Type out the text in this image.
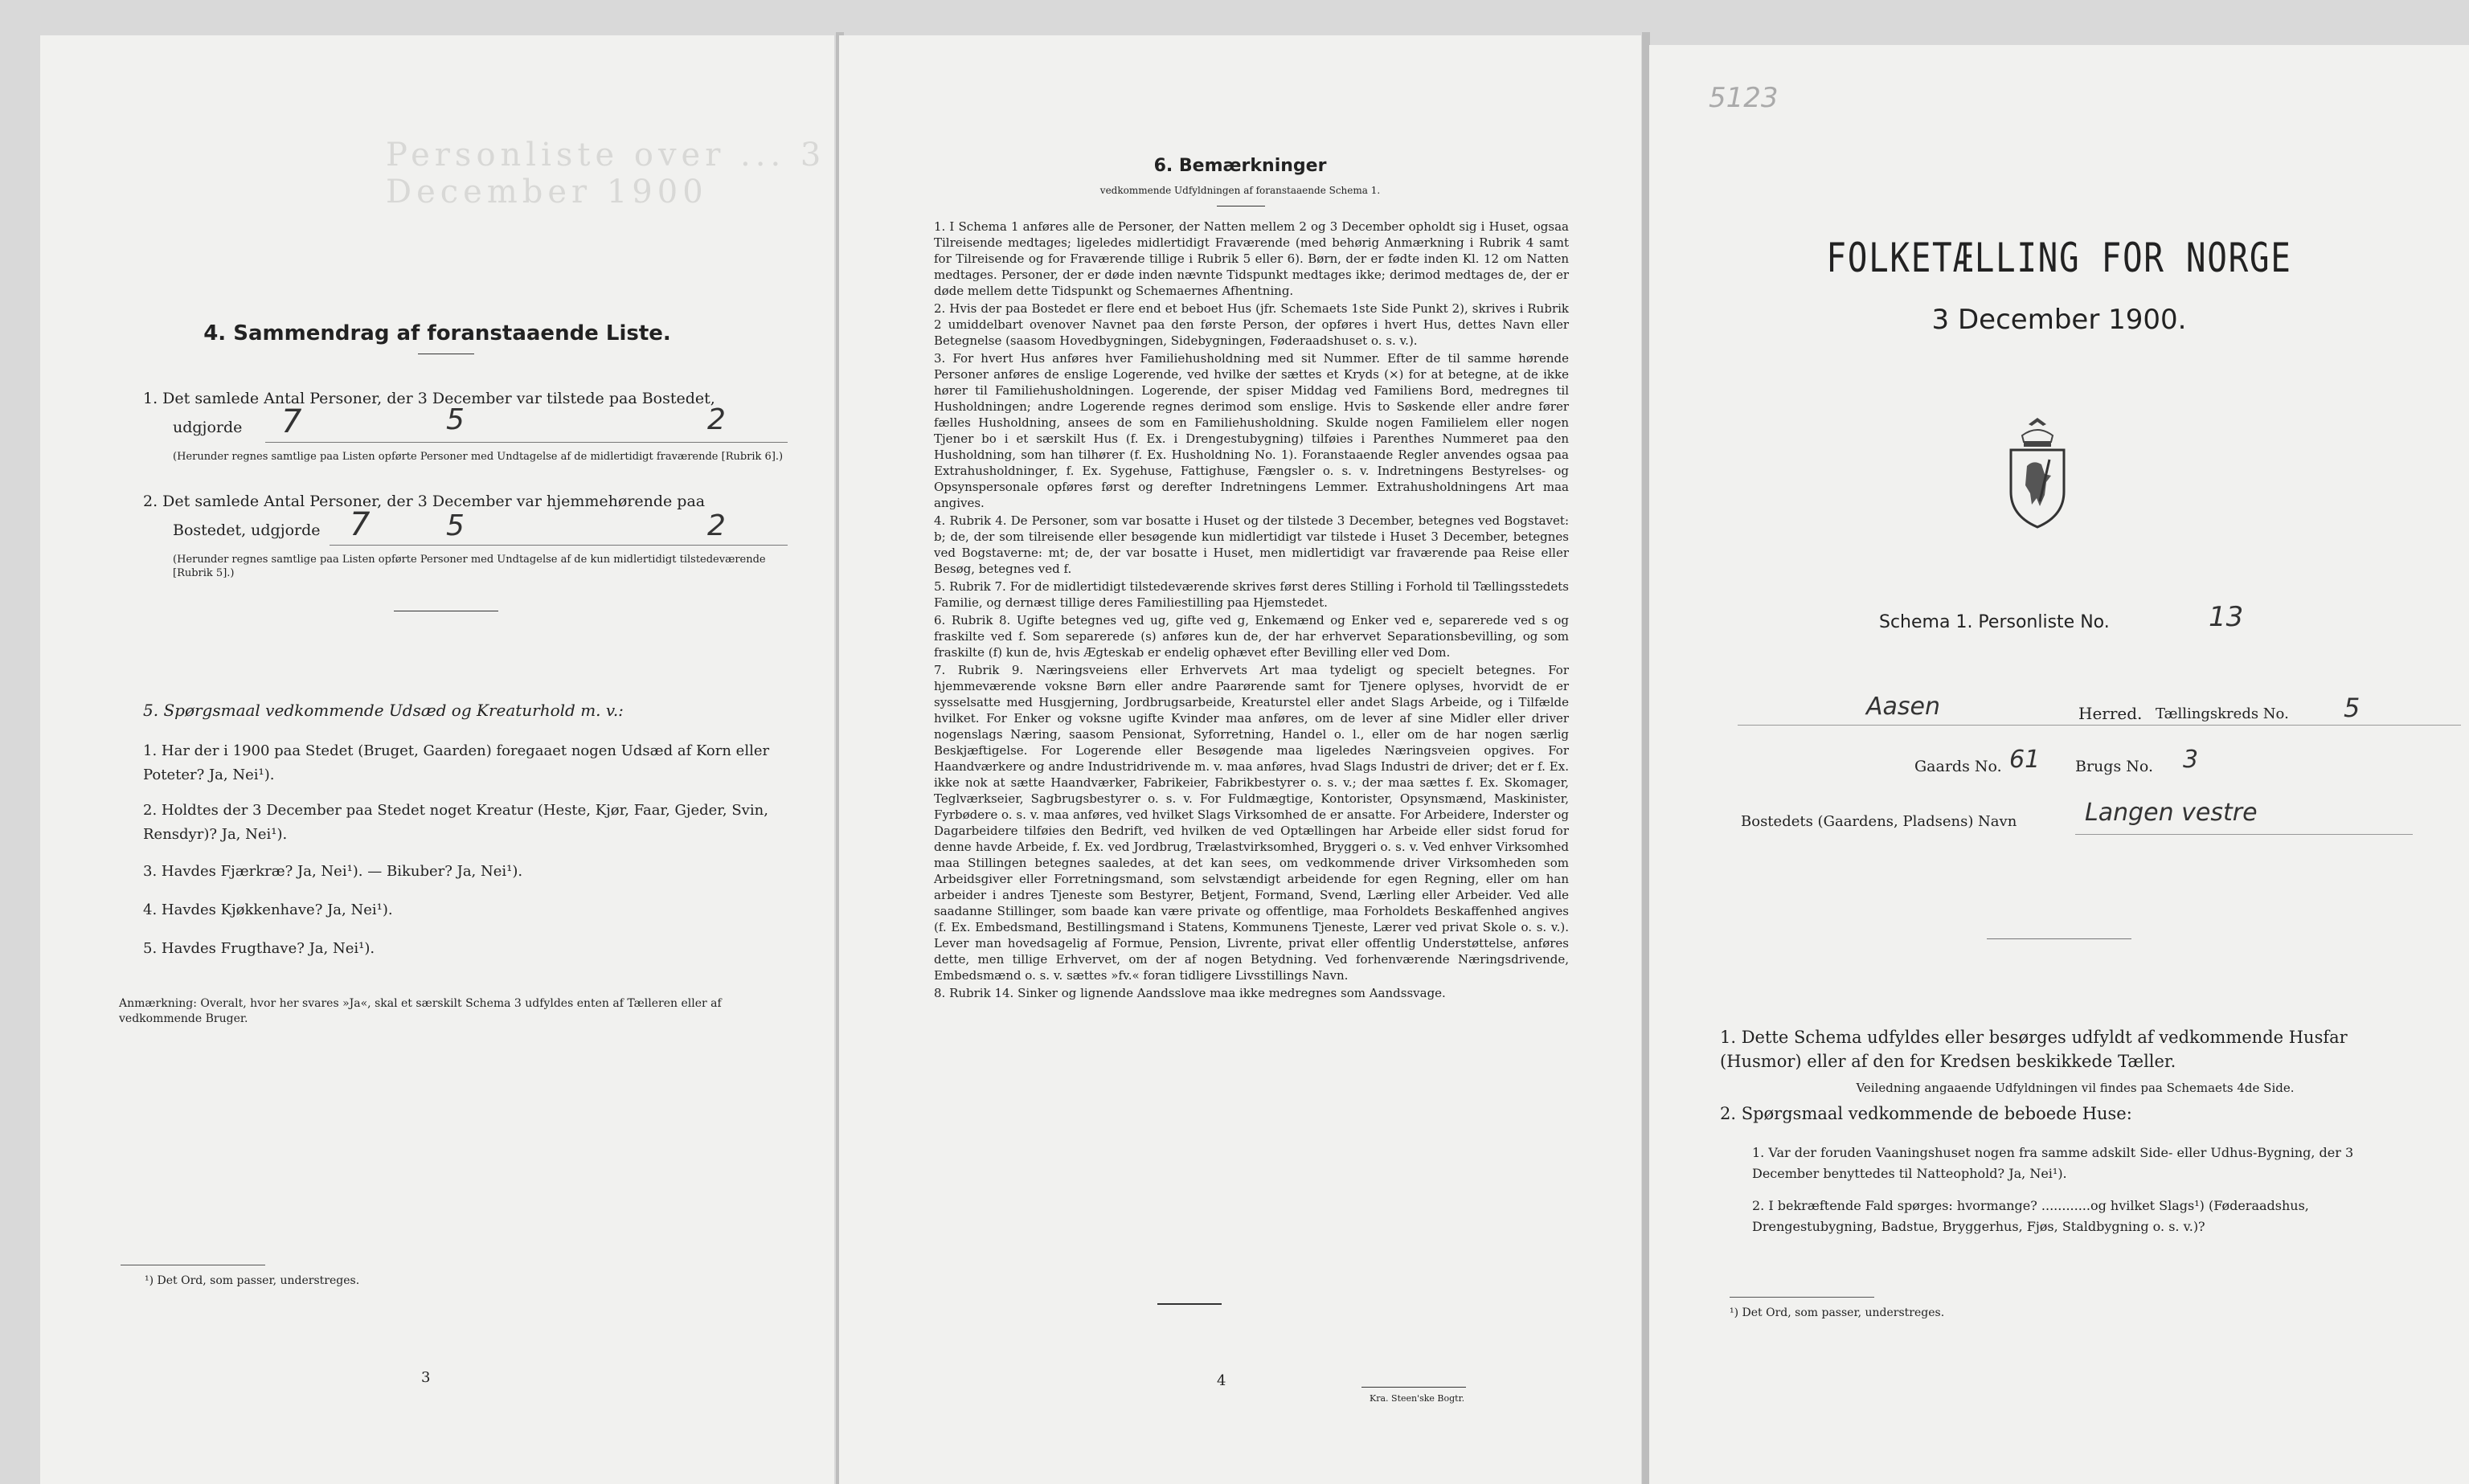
Personliste over ... 3 December 1900
4. Sammendrag af foranstaaende Liste.
1. Det samlede Antal Personer, der 3 December var tilstede paa Bostedet,
udgjorde 7	5	2
(Herunder regnes samtlige paa Listen opførte Personer med Undtagelse af de midlertidigt fraværende [Rubrik 6].)
2. Det samlede Antal Personer, der 3 December var hjemmehørende paa
Bostedet, udgjorde 7	5	2
(Herunder regnes samtlige paa Listen opførte Personer med Undtagelse af de kun midlertidigt tilstedeværende [Rubrik 5].)
5. Spørgsmaal vedkommende Udsæd og Kreaturhold m. v.:
1. Har der i 1900 paa Stedet (Bruget, Gaarden) foregaaet nogen Udsæd af Korn eller Poteter? Ja, Nei¹).
2. Holdtes der 3 December paa Stedet noget Kreatur (Heste, Kjør, Faar, Gjeder, Svin, Rensdyr)? Ja, Nei¹).
3. Havdes Fjærkræ? Ja, Nei¹). — Bikuber? Ja, Nei¹).
4. Havdes Kjøkkenhave? Ja, Nei¹).
5. Havdes Frugthave? Ja, Nei¹).
Anmærkning: Overalt, hvor her svares »Ja«, skal et særskilt Schema 3 udfyldes enten af Tælleren eller af vedkommende Bruger.
¹) Det Ord, som passer, understreges.
3
6. Bemærkninger
vedkommende Udfyldningen af foranstaaende Schema 1.

1. I Schema 1 anføres alle de Personer, der Natten mellem 2 og 3 December opholdt sig i Huset, ogsaa Tilreisende medtages; ligeledes midlertidigt Fraværende (med behørig Anmærkning i Rubrik 4 samt for Tilreisende og for Fraværende tillige i Rubrik 5 eller 6). Børn, der er fødte inden Kl. 12 om Natten medtages. Personer, der er døde inden nævnte Tidspunkt medtages ikke; derimod medtages de, der er døde mellem dette Tidspunkt og Schemaernes Afhentning.

2. Hvis der paa Bostedet er flere end et beboet Hus (jfr. Schemaets 1ste Side Punkt 2), skrives i Rubrik 2 umiddelbart ovenover Navnet paa den første Person, der opføres i hvert Hus, dettes Navn eller Betegnelse (saasom Hovedbygningen, Sidebygningen, Føderaadshuset o. s. v.).

3. For hvert Hus anføres hver Familiehusholdning med sit Nummer. Efter de til samme hørende Personer anføres de enslige Logerende, ved hvilke der sættes et Kryds (×) for at betegne, at de ikke hører til Familiehusholdningen. Logerende, der spiser Middag ved Familiens Bord, medregnes til Husholdningen; andre Logerende regnes derimod som enslige. Hvis to Søskende eller andre fører fælles Husholdning, ansees de som en Familiehusholdning. Skulde nogen Familielem eller nogen Tjener bo i et særskilt Hus (f. Ex. i Drengestubygning) tilføies i Parenthes Nummeret paa den Husholdning, som han tilhører (f. Ex. Husholdning No. 1). Foranstaaende Regler anvendes ogsaa paa Extrahusholdninger, f. Ex. Sygehuse, Fattighuse, Fængsler o. s. v. Indretningens Bestyrelses- og Opsynspersonale opføres først og derefter Indretningens Lemmer. Extrahusholdningens Art maa angives.

4. Rubrik 4. De Personer, som var bosatte i Huset og der tilstede 3 December, betegnes ved Bogstavet: b; de, der som tilreisende eller besøgende kun midlertidigt var tilstede i Huset 3 December, betegnes ved Bogstaverne: mt; de, der var bosatte i Huset, men midlertidigt var fraværende paa Reise eller Besøg, betegnes ved f.

5. Rubrik 7. For de midlertidigt tilstedeværende skrives først deres Stilling i Forhold til Tællingsstedets Familie, og dernæst tillige deres Familiestilling paa Hjemstedet.

6. Rubrik 8. Ugifte betegnes ved ug, gifte ved g, Enkemænd og Enker ved e, separerede ved s og fraskilte ved f. Som separerede (s) anføres kun de, der har erhvervet Separationsbevilling, og som fraskilte (f) kun de, hvis Ægteskab er endelig ophævet efter Bevilling eller ved Dom.

7. Rubrik 9. Næringsveiens eller Erhvervets Art maa tydeligt og specielt betegnes. For hjemmeværende voksne Børn eller andre Paarørende samt for Tjenere oplyses, hvorvidt de er sysselsatte med Husgjerning, Jordbrugsarbeide, Kreaturstel eller andet Slags Arbeide, og i Tilfælde hvilket. For Enker og voksne ugifte Kvinder maa anføres, om de lever af sine Midler eller driver nogenslags Næring, saasom Pensionat, Syforretning, Handel o. l., eller om de har nogen særlig Beskjæftigelse. For Logerende eller Besøgende maa ligeledes Næringsveien opgives. For Haandværkere og andre Industridrivende m. v. maa anføres, hvad Slags Industri de driver; det er f. Ex. ikke nok at sætte Haandværker, Fabrikeier, Fabrikbestyrer o. s. v.; der maa sættes f. Ex. Skomager, Teglværkseier, Sagbrugsbestyrer o. s. v. For Fuldmægtige, Kontorister, Opsynsmænd, Maskinister, Fyrbødere o. s. v. maa anføres, ved hvilket Slags Virksomhed de er ansatte. For Arbeidere, Inderster og Dagarbeidere tilføies den Bedrift, ved hvilken de ved Optællingen har Arbeide eller sidst forud for denne havde Arbeide, f. Ex. ved Jordbrug, Trælastvirksomhed, Bryggeri o. s. v. Ved enhver Virksomhed maa Stillingen betegnes saaledes, at det kan sees, om vedkommende driver Virksomheden som Arbeidsgiver eller Forretningsmand, som selvstændigt arbeidende for egen Regning, eller om han arbeider i andres Tjeneste som Bestyrer, Betjent, Formand, Svend, Lærling eller Arbeider. Ved alle saadanne Stillinger, som baade kan være private og offentlige, maa Forholdets Beskaffenhed angives (f. Ex. Embedsmand, Bestillingsmand i Statens, Kommunens Tjeneste, Lærer ved privat Skole o. s. v.). Lever man hovedsagelig af Formue, Pension, Livrente, privat eller offentlig Understøttelse, anføres dette, men tillige Erhvervet, om der af nogen Betydning. Ved forhenværende Næringsdrivende, Embedsmænd o. s. v. sættes »fv.« foran tidligere Livsstillings Navn.

8. Rubrik 14. Sinker og lignende Aandsslove maa ikke medregnes som Aandssvage.

4
Kra. Steen'ske Bogtr.
5123
FOLKETÆLLING FOR NORGE
3 December 1900.
Schema 1. Personliste No.	13
Aasen	Herred. Tællingskreds No. 5
Gaards No. 61 Brugs No. 3
Bostedets (Gaardens, Pladsens) Navn	Langen vestre
1. Dette Schema udfyldes eller besørges udfyldt af vedkommende Husfar (Husmor) eller af den for Kredsen beskikkede Tæller.
Veiledning angaaende Udfyldningen vil findes paa Schemaets 4de Side.
2. Spørgsmaal vedkommende de beboede Huse:
1. Var der foruden Vaaningshuset nogen fra samme adskilt Side- eller Udhus-Bygning, der 3 December benyttedes til Natteophold? Ja, Nei¹).
2. I bekræftende Fald spørges: hvormange? ............og hvilket Slags¹) (Føderaadshus, Drengestubygning, Badstue, Bryggerhus, Fjøs, Staldbygning o. s. v.)?
¹) Det Ord, som passer, understreges.
